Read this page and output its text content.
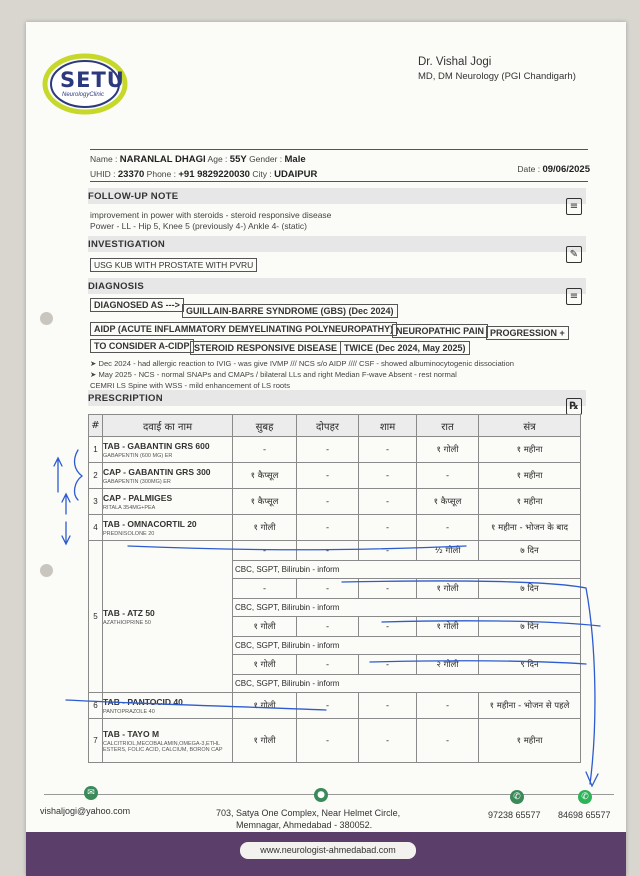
SETU
NeurologyClinic
Dr. Vishal Jogi
MD, DM Neurology (PGI Chandigarh)
Name : NARANLAL DHAGI Age : 55Y Gender : Male
UHID : 23370 Phone : +91 9829220030 City : UDAIPUR	Date : 09/06/2025
FOLLOW-UP NOTE
≡
improvement in power with steroids - steroid responsive disease
Power - LL - Hip 5, Knee 5 (previously 4-) Ankle 4- (static)
INVESTIGATION
✎
USG KUB WITH PROSTATE WITH PVRU
DIAGNOSIS
≡
DIAGNOSED AS --->
GUILLAIN-BARRE SYNDROME (GBS) (Dec 2024)
AIDP (ACUTE INFLAMMATORY DEMYELINATING POLYNEUROPATHY) NEUROPATHIC PAIN PROGRESSION +
TO CONSIDER A-CIDP STEROID RESPONSIVE DISEASE TWICE (Dec 2024, May 2025)
➤ Dec 2024 - had allergic reaction to IVIG - was give IVMP /// NCS s/o AIDP //// CSF - showed albuminocytogenic dissociation
➤ May 2025 - NCS - normal SNAPs and CMAPs / bilateral LLs and right Median F-wave Absent - rest normal
CEMRI LS Spine with WSS - mild enhancement of LS roots
PRESCRIPTION
℞
#	दवाई का नाम	सुबह	दोपहर	शाम	रात	संत्र
1	TAB - GABANTIN GRS 600
GABAPENTIN (600 MG) ER	-	-	-	१ गोली	१ महीना
2	CAP - GABANTIN GRS 300
GABAPENTIN (300MG) ER	१ कैप्सूल	-	-	-	१ महीना
3	CAP - PALMIGES
RITALA 354MG+PEA	१ कैप्सूल	-	-	१ कैप्सूल	१ महीना
4	TAB - OMNACORTIL 20
PREDNISOLONE 20	१ गोली	-	-	-	१ महीना - भोजन के बाद
5	TAB - ATZ 50
AZATHIOPRINE 50	-	-	-	½ गोली	७ दिन
		CBC, SGPT, Bilirubin - inform				
		-	-	-	१ गोली	७ दिन
		CBC, SGPT, Bilirubin - inform				
		१ गोली	-	-	१ गोली	७ दिन
		CBC, SGPT, Bilirubin - inform				
		१ गोली	-	-	२ गोली	९ दिन
		CBC, SGPT, Bilirubin - inform				
6	TAB - PANTOCID 40
PANTOPRAZOLE 40	१ गोली	-	-	-	१ महीना - भोजन से पहले
7	TAB - TAYO M
CALCITRIOL,MECOBALAMIN,OMEGA-3,ETHL ESTERS, FOLIC ACID, CALCIUM, BORON CAP	१ गोली	-	-	-	१ महीना
✉
vishaljogi@yahoo.com
●
703, Satya One Complex, Near Helmet Circle,
Memnagar, Ahmedabad - 380052.
✆	✆
97238 65577 84698 65577
www.neurologist-ahmedabad.com
